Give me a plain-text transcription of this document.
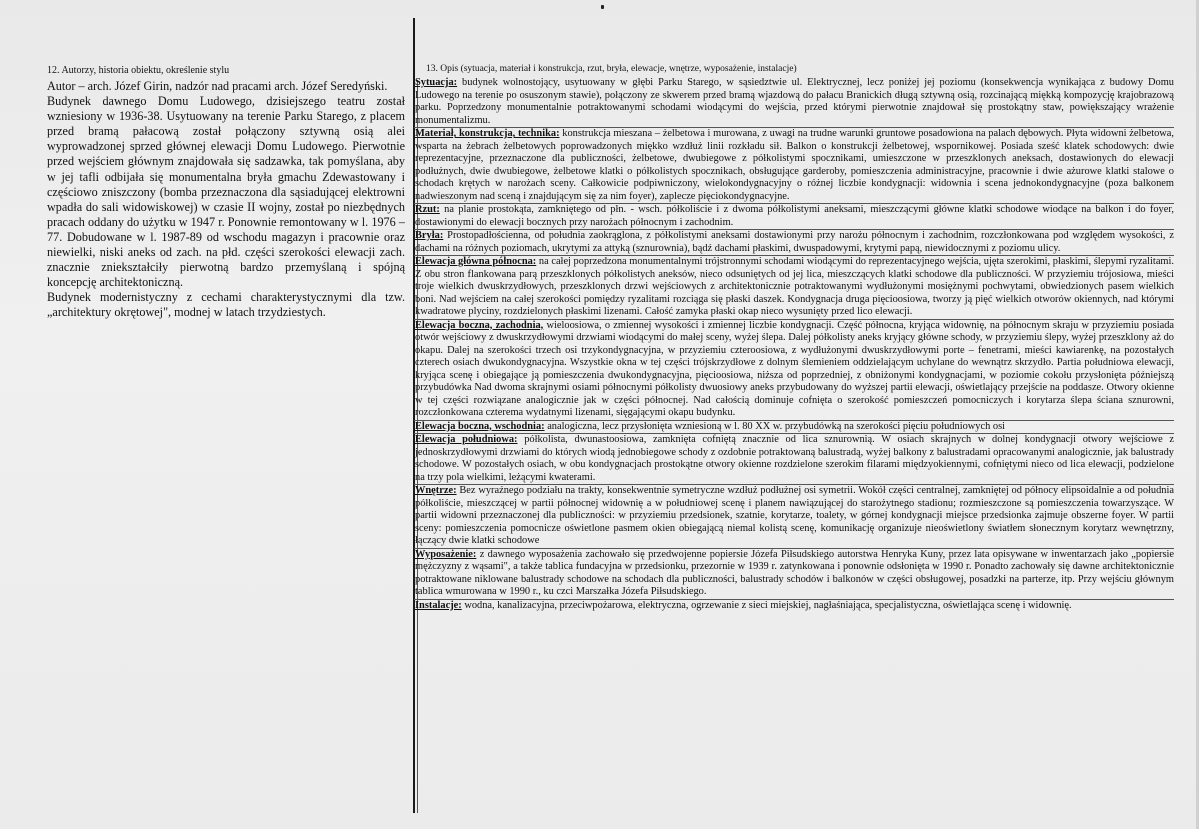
12. Autorzy, historia obiektu, określenie stylu

Autor – arch. Józef Girin, nadzór nad pracami arch. Józef Seredyński.

Budynek dawnego Domu Ludowego, dzisiejszego teatru został wzniesiony w 1936-38. Usytuowany na terenie Parku Starego, z placem przed bramą pałacową został połączony sztywną osią alei wyprowadzonej sprzed głównej elewacji Domu Ludowego. Pierwotnie przed wejściem głównym znajdowała się sadzawka, tak pomyślana, aby w jej tafli odbijała się monumentalna bryła gmachu Zdewastowany i częściowo zniszczony (bomba przeznaczona dla sąsiadującej elektrowni wpadła do sali widowiskowej) w czasie II wojny, został po niezbędnych pracach oddany do użytku w 1947 r. Ponownie remontowany w l. 1976 – 77. Dobudowane w l. 1987-89 od wschodu magazyn i pracownie oraz niewielki, niski aneks od zach. na płd. części szerokości elewacji zach. znacznie zniekształciły pierwotną bardzo przemyślaną i spójną koncepcję architektoniczną.

Budynek modernistyczny z cechami charakterystycznymi dla tzw. „architektury okrętowej", modnej w latach trzydziestych.

13. Opis (sytuacja, materiał i konstrukcja, rzut, bryła, elewacje, wnętrze, wyposażenie, instalacje)

Sytuacja: budynek wolnostojący, usytuowany w głębi Parku Starego, w sąsiedztwie ul. Elektrycznej, lecz poniżej jej poziomu (konsekwencja wynikająca z budowy Domu Ludowego na terenie po osuszonym stawie), połączony ze skwerem przed bramą wjazdową do pałacu Branickich długą sztywną osią, rozcinającą miękką kompozycję krajobrazową parku. Poprzedzony monumentalnie potraktowanymi schodami wiodącymi do wejścia, przed którymi pierwotnie znajdował się prostokątny staw, powiększający wrażenie monumentalizmu.

Materiał, konstrukcja, technika: konstrukcja mieszana – żelbetowa i murowana, z uwagi na trudne warunki gruntowe posadowiona na palach dębowych. Płyta widowni żelbetowa, wsparta na żebrach żelbetowych poprowadzonych miękko wzdłuż linii rozkładu sił. Balkon o konstrukcji żelbetowej, wspornikowej. Posiada sześć klatek schodowych: dwie reprezentacyjne, przeznaczone dla publiczności, żelbetowe, dwubiegowe z półkolistymi spocznikami, umieszczone w przeszklonych aneksach, dostawionych do elewacji podłużnych, dwie dwubiegowe, żelbetowe klatki o półkolistych spocznikach, obsługujące garderoby, pomieszczenia administracyjne, pracownie i dwie ażurowe klatki stalowe o schodach krętych w narożach sceny. Całkowicie podpiwniczony, wielokondygnacyjny o różnej liczbie kondygnacji: widownia i scena jednokondygnacyjne (poza balkonem nadwieszonym nad sceną i znajdującym się za nim foyer), zaplecze pięciokondygnacyjne.

Rzut: na planie prostokąta, zamkniętego od płn. - wsch. półkoliście i z dwoma półkolistymi aneksami, mieszczącymi główne klatki schodowe wiodące na balkon i do foyer, dostawionymi do elewacji bocznych przy narożach północnym i zachodnim.

Bryła: Prostopadłościenna, od południa zaokrąglona, z półkolistymi aneksami dostawionymi przy narożu północnym i zachodnim, rozczłonkowana pod względem wysokości, z dachami na różnych poziomach, ukrytymi za attyką (sznurownia), bądź dachami płaskimi, dwuspadowymi, krytymi papą, niewidocznymi z poziomu ulicy.

Elewacja główna północna: na całej poprzedzona monumentalnymi trójstronnymi schodami wiodącymi do reprezentacyjnego wejścia, ujęta szerokimi, płaskimi, ślepymi ryzalitami. Z obu stron flankowana parą przeszklonych półkolistych aneksów, nieco odsuniętych od jej lica, mieszczących klatki schodowe dla publiczności. W przyziemiu trójosiowa, mieści troje wielkich dwuskrzydłowych, przeszklonych drzwi wejściowych z architektonicznie potraktowanymi wydłużonymi mosiężnymi pochwytami, obwiedzionych pasem wielkich boni. Nad wejściem na całej szerokości pomiędzy ryzalitami rozciąga się płaski daszek. Kondygnacja druga pięcioosiowa, tworzy ją pięć wielkich otworów okiennych, nad którymi kwadratowe plyciny, rozdzielonych płaskimi lizenami. Całość zamyka płaski okap nieco wysunięty przed lico elewacji.

Elewacja boczna, zachodnia, wieloosiowa, o zmiennej wysokości i zmiennej liczbie kondygnacji. Część północna, kryjąca widownię, na północnym skraju w przyziemiu posiada otwór wejściowy z dwuskrzydłowymi drzwiami wiodącymi do małej sceny, wyżej ślepa. Dalej półkolisty aneks kryjący główne schody, w przyziemiu ślepy, wyżej przeszklony aż do okapu. Dalej na szerokości trzech osi trzykondygnacyjna, w przyziemiu czteroosiowa, z wydłużonymi dwuskrzydłowymi porte – fenetrami, mieści kawiarenkę, na pozostałych czterech osiach dwukondygnacyjna. Wszystkie okna w tej części trójskrzydłowe z dolnym ślemieniem oddzielającym uchylane do wewnątrz skrzydło. Partia południowa elewacji, kryjąca scenę i obiegające ją pomieszczenia dwukondygnacyjna, pięcioosiowa, niższa od poprzedniej, z obniżonymi kondygnacjami, w poziomie cokołu przysłonięta późniejszą przybudówka Nad dwoma skrajnymi osiami północnymi półkolisty dwuosiowy aneks przybudowany do wyższej partii elewacji, oświetlający przejście na poddasze. Otwory okienne w tej części rozwiązane analogicznie jak w części północnej. Nad całością dominuje cofnięta o szerokość pomieszczeń pomocniczych i korytarza ślepa ściana sznurowni, rozczłonkowana czterema wydatnymi lizenami, sięgającymi okapu budynku.

Elewacja boczna, wschodnia: analogiczna, lecz przysłonięta wzniesioną w l. 80 XX w. przybudówką na szerokości pięciu południowych osi

Elewacja południowa: półkolista, dwunastoosiowa, zamknięta cofniętą znacznie od lica sznurownią. W osiach skrajnych w dolnej kondygnacji otwory wejściowe z jednoskrzydłowymi drzwiami do których wiodą jednobiegowe schody z ozdobnie potraktowaną balustradą, wyżej balkony z balustradami opracowanymi analogicznie, jak balustrady schodowe. W pozostałych osiach, w obu kondygnacjach prostokątne otwory okienne rozdzielone szerokim filarami międzyokiennymi, cofniętymi nieco od lica elewacji, podzielone na trzy pola wielkimi, leżącymi kwaterami.

Wnętrze: Bez wyraźnego podziału na trakty, konsekwentnie symetryczne wzdłuż podłużnej osi symetrii. Wokół części centralnej, zamkniętej od północy elipsoidalnie a od południa półkoliście, mieszczącej w partii północnej widownię a w południowej scenę i planem nawiązującej do starożytnego stadionu; rozmieszczone są pomieszczenia towarzyszące. W partii widowni przeznaczonej dla publiczności: w przyziemiu przedsionek, szatnie, korytarze, toalety, w górnej kondygnacji miejsce przedsionka zajmuje obszerne foyer. W partii sceny: pomieszczenia pomocnicze oświetlone pasmem okien obiegającą niemal kolistą scenę, komunikację organizuje nieoświetlony światłem słonecznym korytarz wewnętrzny, łączący dwie klatki schodowe

Wyposażenie: z dawnego wyposażenia zachowało się przedwojenne popiersie Józefa Piłsudskiego autorstwa Henryka Kuny, przez lata opisywane w inwentarzach jako „popiersie mężczyzny z wąsami", a także tablica fundacyjna w przedsionku, przezornie w 1939 r. zatynkowana i ponownie odsłonięta w 1990 r. Ponadto zachowały się dawne architektonicznie potraktowane niklowane balustrady schodowe na schodach dla publiczności, balustrady schodów i balkonów w części obsługowej, posadzki na parterze, itp. Przy wejściu głównym tablica wmurowana w 1990 r., ku czci Marszałka Józefa Piłsudskiego.

Instalacje: wodna, kanalizacyjna, przeciwpożarowa, elektryczna, ogrzewanie z sieci miejskiej, nagłaśniająca, specjalistyczna, oświetlająca scenę i widownię.
